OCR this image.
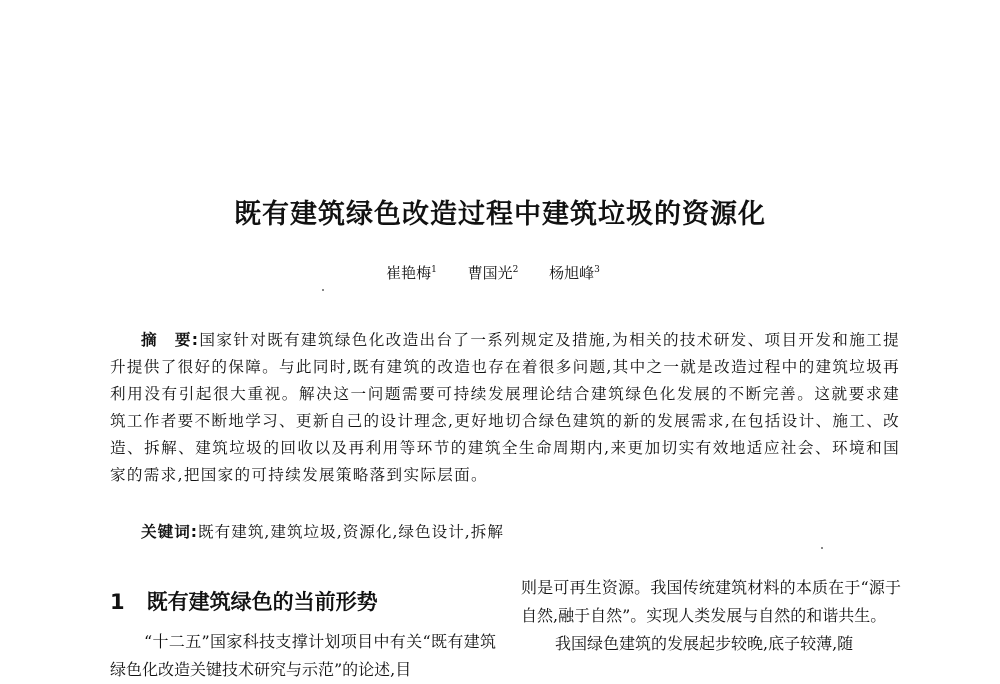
既有建筑绿色改造过程中建筑垃圾的资源化
崔艳梅$^1$ 曹国光$^2$ 杨旭峰$^3$
摘　要:国家针对既有建筑绿色化改造出台了一系列规定及措施,为相关的技术研发、项目开发和施工提升提供了很好的保障。与此同时,既有建筑的改造也存在着很多问题,其中之一就是改造过程中的建筑垃圾再利用没有引起很大重视。解决这一问题需要可持续发展理论结合建筑绿色化发展的不断完善。这就要求建筑工作者要不断地学习、更新自己的设计理念,更好地切合绿色建筑的新的发展需求,在包括设计、施工、改造、拆解、建筑垃圾的回收以及再利用等环节的建筑全生命周期内,来更加切实有效地适应社会、环境和国家的需求,把国家的可持续发展策略落到实际层面。
关键词:既有建筑,建筑垃圾,资源化,绿色设计,拆解
1 既有建筑绿色的当前形势
“十二五”国家科技支撑计划项目中有关“既有建筑绿色化改造关键技术研究与示范”的论述,目

则是可再生资源。我国传统建筑材料的本质在于“源于自然,融于自然”。实现人类发展与自然的和谐共生。

我国绿色建筑的发展起步较晚,底子较薄,随
